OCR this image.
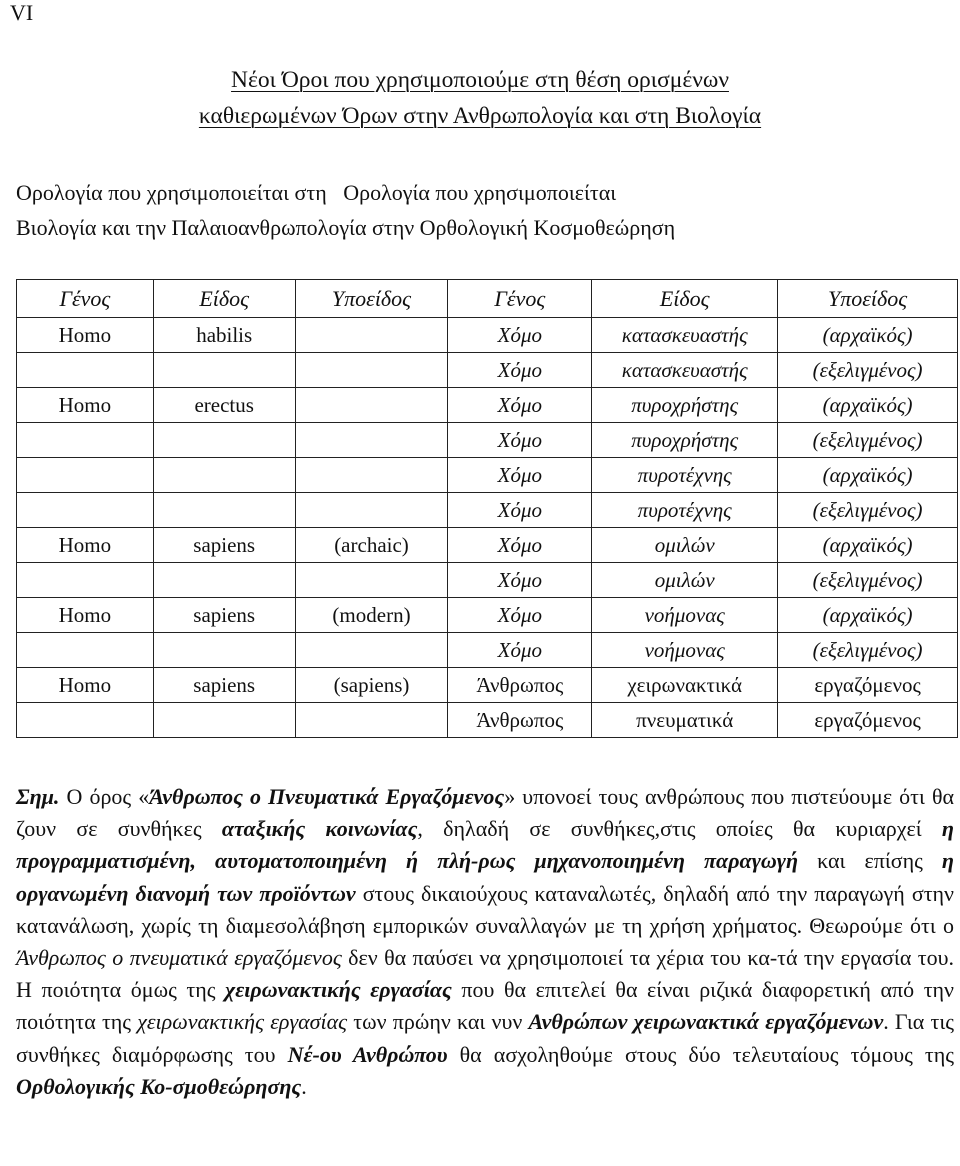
VI
Νέοι Όροι που χρησιμοποιούμε στη θέση ορισμένων
καθιερωμένων Όρων στην Ανθρωπολογία και στη Βιολογία
Ορολογία που χρησιμοποιείται στη   Ορολογία που χρησιμοποιείται
Βιολογία και την Παλαιοανθρωπολογία στην Ορθολογική Κοσμοθεώρηση
Γένος	Είδος	Υποείδος	Γένος	Είδος	Υποείδος
Homo	habilis		Χόμο	κατασκευαστής	(αρχαϊκός)
			Χόμο	κατασκευαστής	(εξελιγμένος)
Homo	erectus		Χόμο	πυροχρήστης	(αρχαϊκός)
			Χόμο	πυροχρήστης	(εξελιγμένος)
			Χόμο	πυροτέχνης	(αρχαϊκός)
			Χόμο	πυροτέχνης	(εξελιγμένος)
Homo	sapiens	(archaic)	Χόμο	ομιλών	(αρχαϊκός)
			Χόμο	ομιλών	(εξελιγμένος)
Homo	sapiens	(modern)	Χόμο	νοήμονας	(αρχαϊκός)
			Χόμο	νοήμονας	(εξελιγμένος)
Homo	sapiens	(sapiens)	Άνθρωπος	χειρωνακτικά	εργαζόμενος
			Άνθρωπος	πνευματικά	εργαζόμενος
Σημ. Ο όρος «Άνθρωπος ο Πνευματικά Εργαζόμενος» υπονοεί τους ανθρώπους που πιστεύουμε ότι θα ζουν σε συνθήκες αταξικής κοινωνίας, δηλαδή σε συνθήκες,στις οποίες θα κυριαρχεί η προγραμματισμένη, αυτοματοποιημένη ή πλή-ρως μηχανοποιημένη παραγωγή και επίσης η οργανωμένη διανομή των προϊόντων στους δικαιούχους καταναλωτές, δηλαδή από την παραγωγή στην κατανάλωση, χωρίς τη διαμεσολάβηση εμπορικών συναλλαγών με τη χρήση χρήματος. Θεωρούμε ότι ο Άνθρωπος ο πνευματικά εργαζόμενος δεν θα παύσει να χρησιμοποιεί τα χέρια του κα-τά την εργασία του. Η ποιότητα όμως της χειρωνακτικής εργασίας που θα επιτελεί θα είναι ριζικά διαφορετική από την ποιότητα της χειρωνακτικής εργασίας των πρώην και νυν Ανθρώπων χειρωνακτικά εργαζόμενων. Για τις συνθήκες διαμόρφωσης του Νέ-ου Ανθρώπου θα ασχοληθούμε στους δύο τελευταίους τόμους της Ορθολογικής Κο-σμοθεώρησης.
